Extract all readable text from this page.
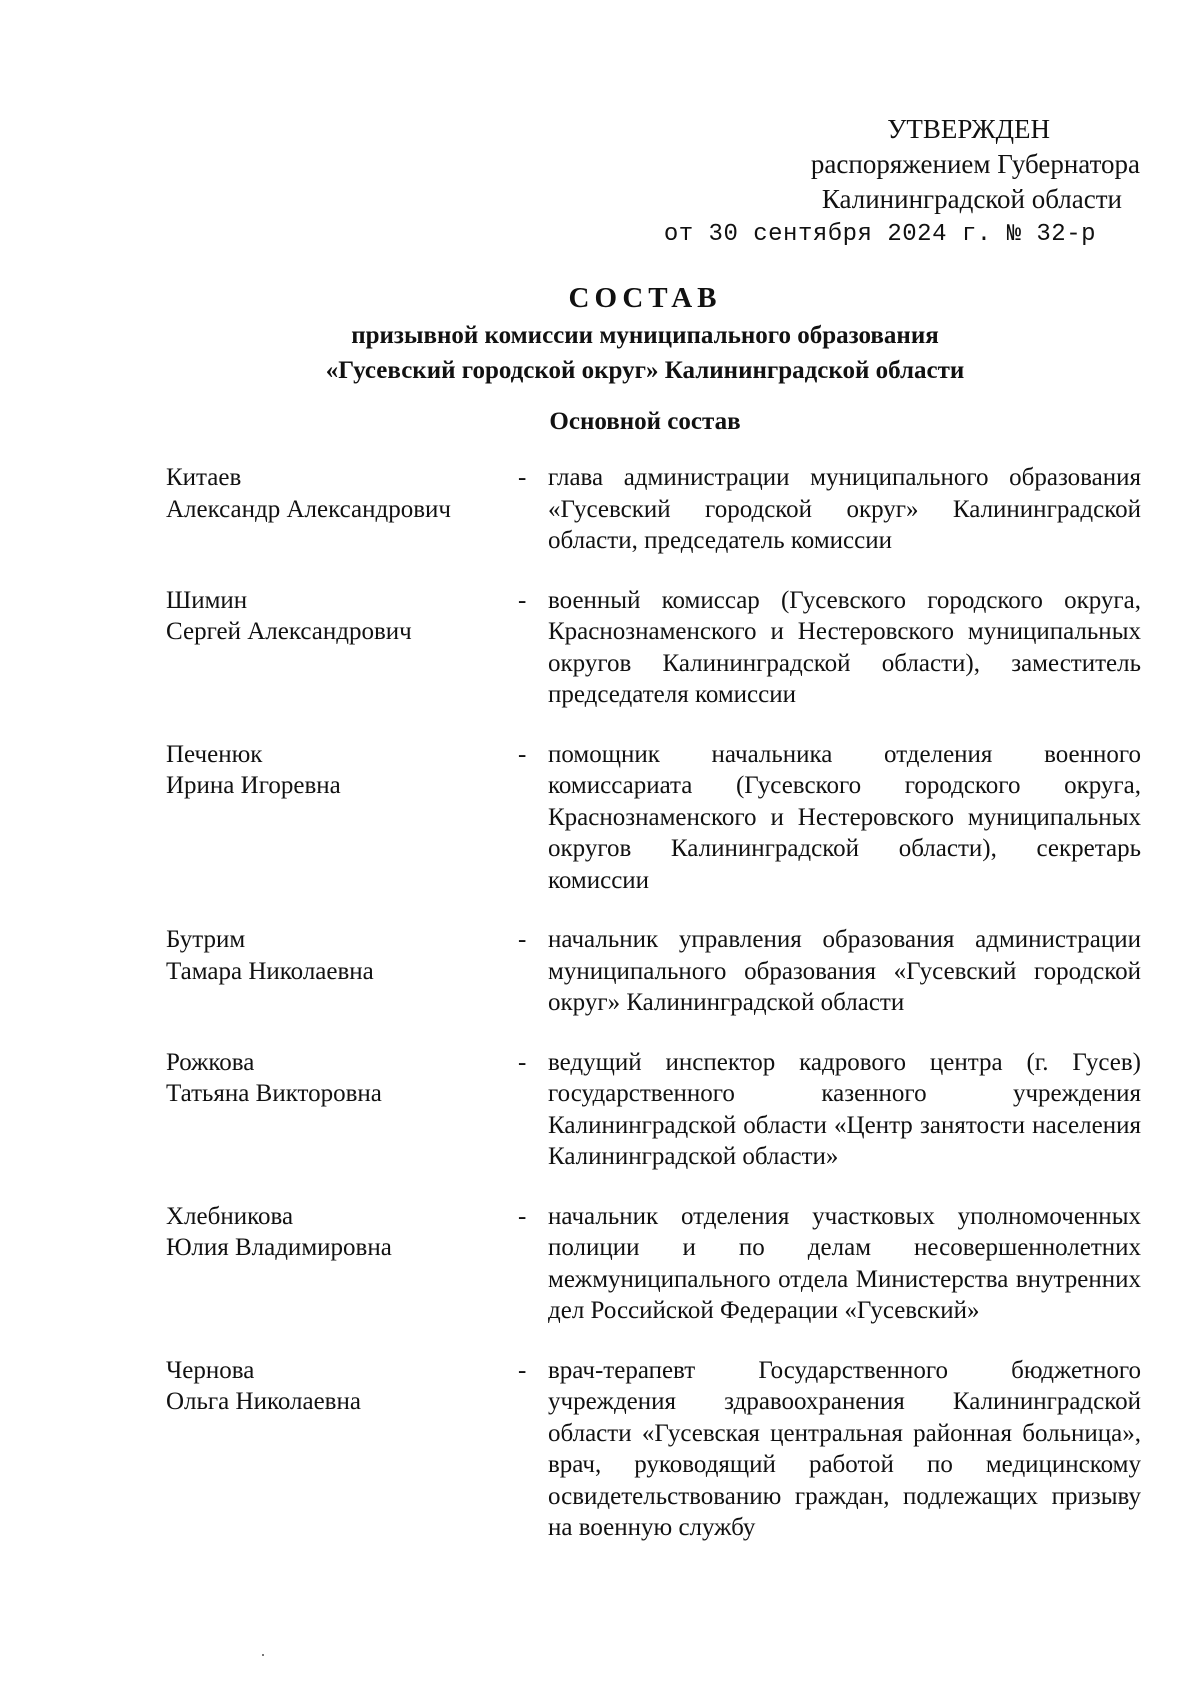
УТВЕРЖДЕН
распоряжением Губернатора
Калининградской области
от 30 сентября 2024 г. № 32-р
СОСТАВ
призывной комиссии муниципального образования
«Гусевский городской округ» Калининградской области
Основной состав
Китаев
Александр Александрович
- глава администрации муниципального образования «Гусевский городской округ» Калининградской области, председатель комиссии
Шимин
Сергей Александрович
- военный комиссар (Гусевского городского округа, Краснознаменского и Нестеровского муниципальных округов Калининградской области), заместитель председателя комиссии
Печенюк
Ирина Игоревна
- помощник начальника отделения военного комиссариата (Гусевского городского округа, Краснознаменского и Нестеровского муниципальных округов Калининградской области), секретарь комиссии
Бутрим
Тамара Николаевна
- начальник управления образования администрации муниципального образования «Гусевский городской округ» Калининградской области
Рожкова
Татьяна Викторовна
- ведущий инспектор кадрового центра (г. Гусев) государственного казенного учреждения Калининградской области «Центр занятости населения Калининградской области»
Хлебникова
Юлия Владимировна
- начальник отделения участковых уполномоченных полиции и по делам несовершеннолетних межмуниципального отдела Министерства внутренних дел Российской Федерации «Гусевский»
Чернова
Ольга Николаевна
- врач-терапевт Государственного бюджетного учреждения здравоохранения Калининградской области «Гусевская центральная районная больница», врач, руководящий работой по медицинскому освидетельствованию граждан, подлежащих призыву на военную службу
